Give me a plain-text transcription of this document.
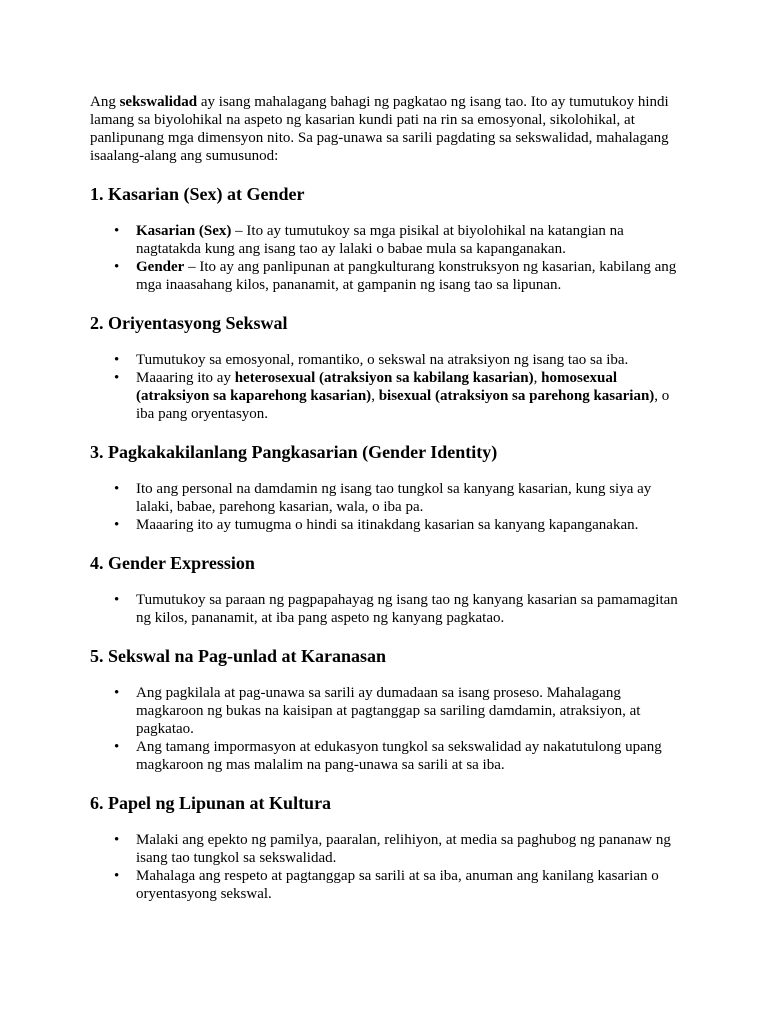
Ang sekswalidad ay isang mahalagang bahagi ng pagkatao ng isang tao. Ito ay tumutukoy hindi lamang sa biyolohikal na aspeto ng kasarian kundi pati na rin sa emosyonal, sikolohikal, at panlipunang mga dimensyon nito. Sa pag-unawa sa sarili pagdating sa sekswalidad, mahalagang isaalang-alang ang sumusunod:

1. Kasarian (Sex) at Gender
• Kasarian (Sex) – Ito ay tumutukoy sa mga pisikal at biyolohikal na katangian na nagtatakda kung ang isang tao ay lalaki o babae mula sa kapanganakan.
• Gender – Ito ay ang panlipunan at pangkulturang konstruksyon ng kasarian, kabilang ang mga inaasahang kilos, pananamit, at gampanin ng isang tao sa lipunan.
2. Oriyentasyong Sekswal
• Tumutukoy sa emosyonal, romantiko, o sekswal na atraksiyon ng isang tao sa iba.
• Maaaring ito ay heterosexual (atraksiyon sa kabilang kasarian), homosexual (atraksiyon sa kaparehong kasarian), bisexual (atraksiyon sa parehong kasarian), o iba pang oryentasyon.
3. Pagkakakilanlang Pangkasarian (Gender Identity)
• Ito ang personal na damdamin ng isang tao tungkol sa kanyang kasarian, kung siya ay lalaki, babae, parehong kasarian, wala, o iba pa.
• Maaaring ito ay tumugma o hindi sa itinakdang kasarian sa kanyang kapanganakan.
4. Gender Expression
• Tumutukoy sa paraan ng pagpapahayag ng isang tao ng kanyang kasarian sa pamamagitan ng kilos, pananamit, at iba pang aspeto ng kanyang pagkatao.
5. Sekswal na Pag-unlad at Karanasan
• Ang pagkilala at pag-unawa sa sarili ay dumadaan sa isang proseso. Mahalagang magkaroon ng bukas na kaisipan at pagtanggap sa sariling damdamin, atraksiyon, at pagkatao.
• Ang tamang impormasyon at edukasyon tungkol sa sekswalidad ay nakatutulong upang magkaroon ng mas malalim na pang-unawa sa sarili at sa iba.
6. Papel ng Lipunan at Kultura
• Malaki ang epekto ng pamilya, paaralan, relihiyon, at media sa paghubog ng pananaw ng isang tao tungkol sa sekswalidad.
• Mahalaga ang respeto at pagtanggap sa sarili at sa iba, anuman ang kanilang kasarian o oryentasyong sekswal.
